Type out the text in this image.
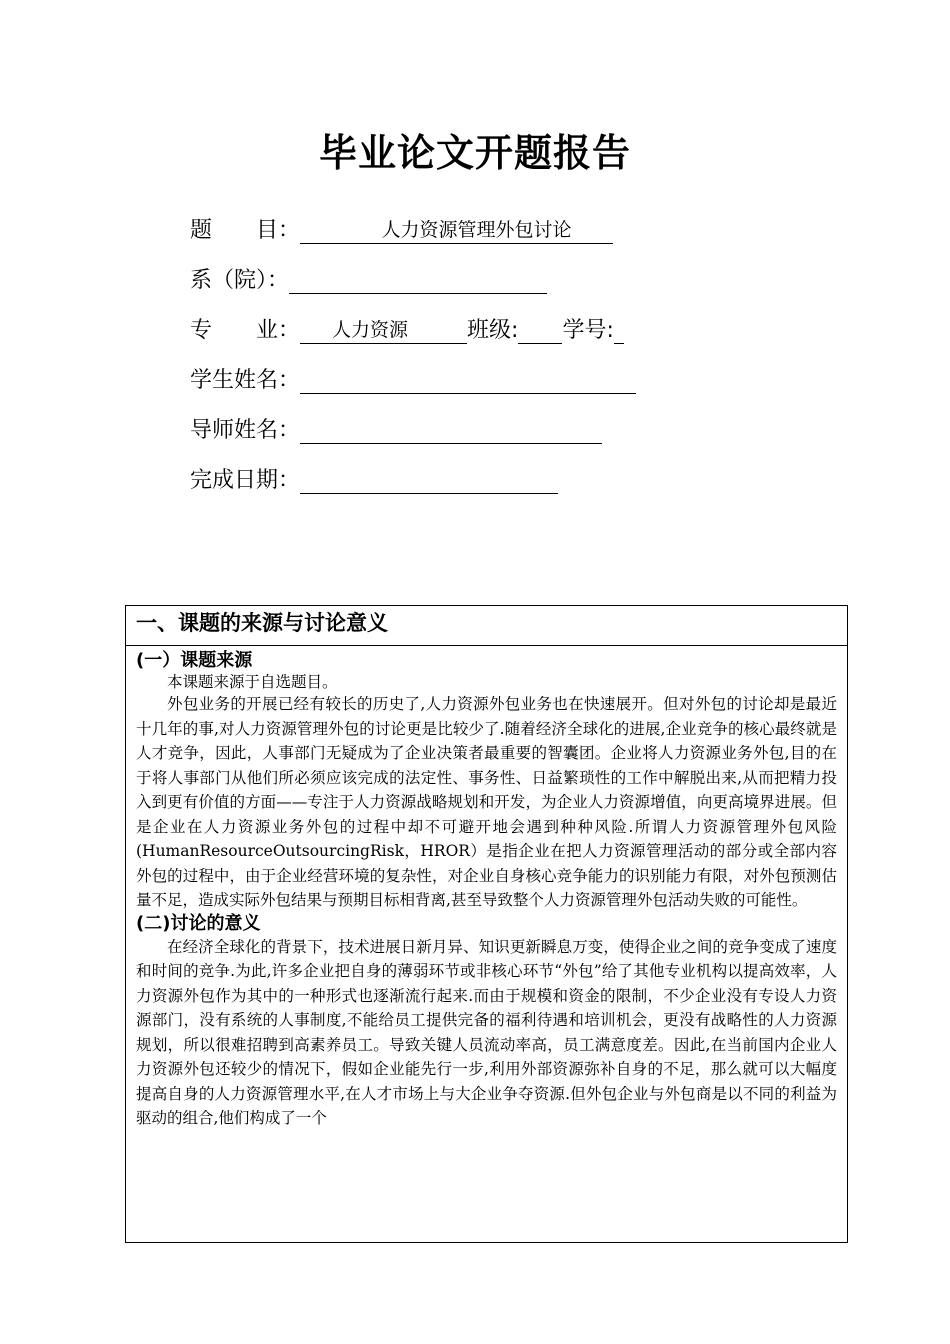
毕业论文开题报告
题　　目：	人力资源管理外包讨论
系（院）：
专　　业：	人力资源	班级: 学号:
学生姓名：
导师姓名：
完成日期：
一、课题的来源与讨论意义
(一）课题来源

本课题来源于自选题目。

外包业务的开展已经有较长的历史了,人力资源外包业务也在快速展开。但对外包的讨论却是最近十几年的事,对人力资源管理外包的讨论更是比较少了.随着经济全球化的进展,企业竞争的核心最终就是人才竞争，因此，人事部门无疑成为了企业决策者最重要的智囊团。企业将人力资源业务外包,目的在于将人事部门从他们所必须应该完成的法定性、事务性、日益繁琐性的工作中解脱出来,从而把精力投入到更有价值的方面——专注于人力资源战略规划和开发，为企业人力资源增值，向更高境界进展。但是企业在人力资源业务外包的过程中却不可避开地会遇到种种风险.所谓人力资源管理外包风险(HumanResourceOutsourcingRisk，HROR）是指企业在把人力资源管理活动的部分或全部内容外包的过程中，由于企业经营环境的复杂性，对企业自身核心竞争能力的识别能力有限，对外包预测估量不足，造成实际外包结果与预期目标相背离,甚至导致整个人力资源管理外包活动失败的可能性。

(二)讨论的意义

在经济全球化的背景下，技术进展日新月异、知识更新瞬息万变，使得企业之间的竞争变成了速度和时间的竞争.为此,许多企业把自身的薄弱环节或非核心环节“外包”给了其他专业机构以提高效率，人力资源外包作为其中的一种形式也逐渐流行起来.而由于规模和资金的限制，不少企业没有专设人力资源部门，没有系统的人事制度,不能给员工提供完备的福利待遇和培训机会，更没有战略性的人力资源规划，所以很难招聘到高素养员工。导致关键人员流动率高，员工满意度差。因此,在当前国内企业人力资源外包还较少的情况下，假如企业能先行一步,利用外部资源弥补自身的不足，那么就可以大幅度提高自身的人力资源管理水平,在人才市场上与大企业争夺资源.但外包企业与外包商是以不同的利益为驱动的组合,他们构成了一个
